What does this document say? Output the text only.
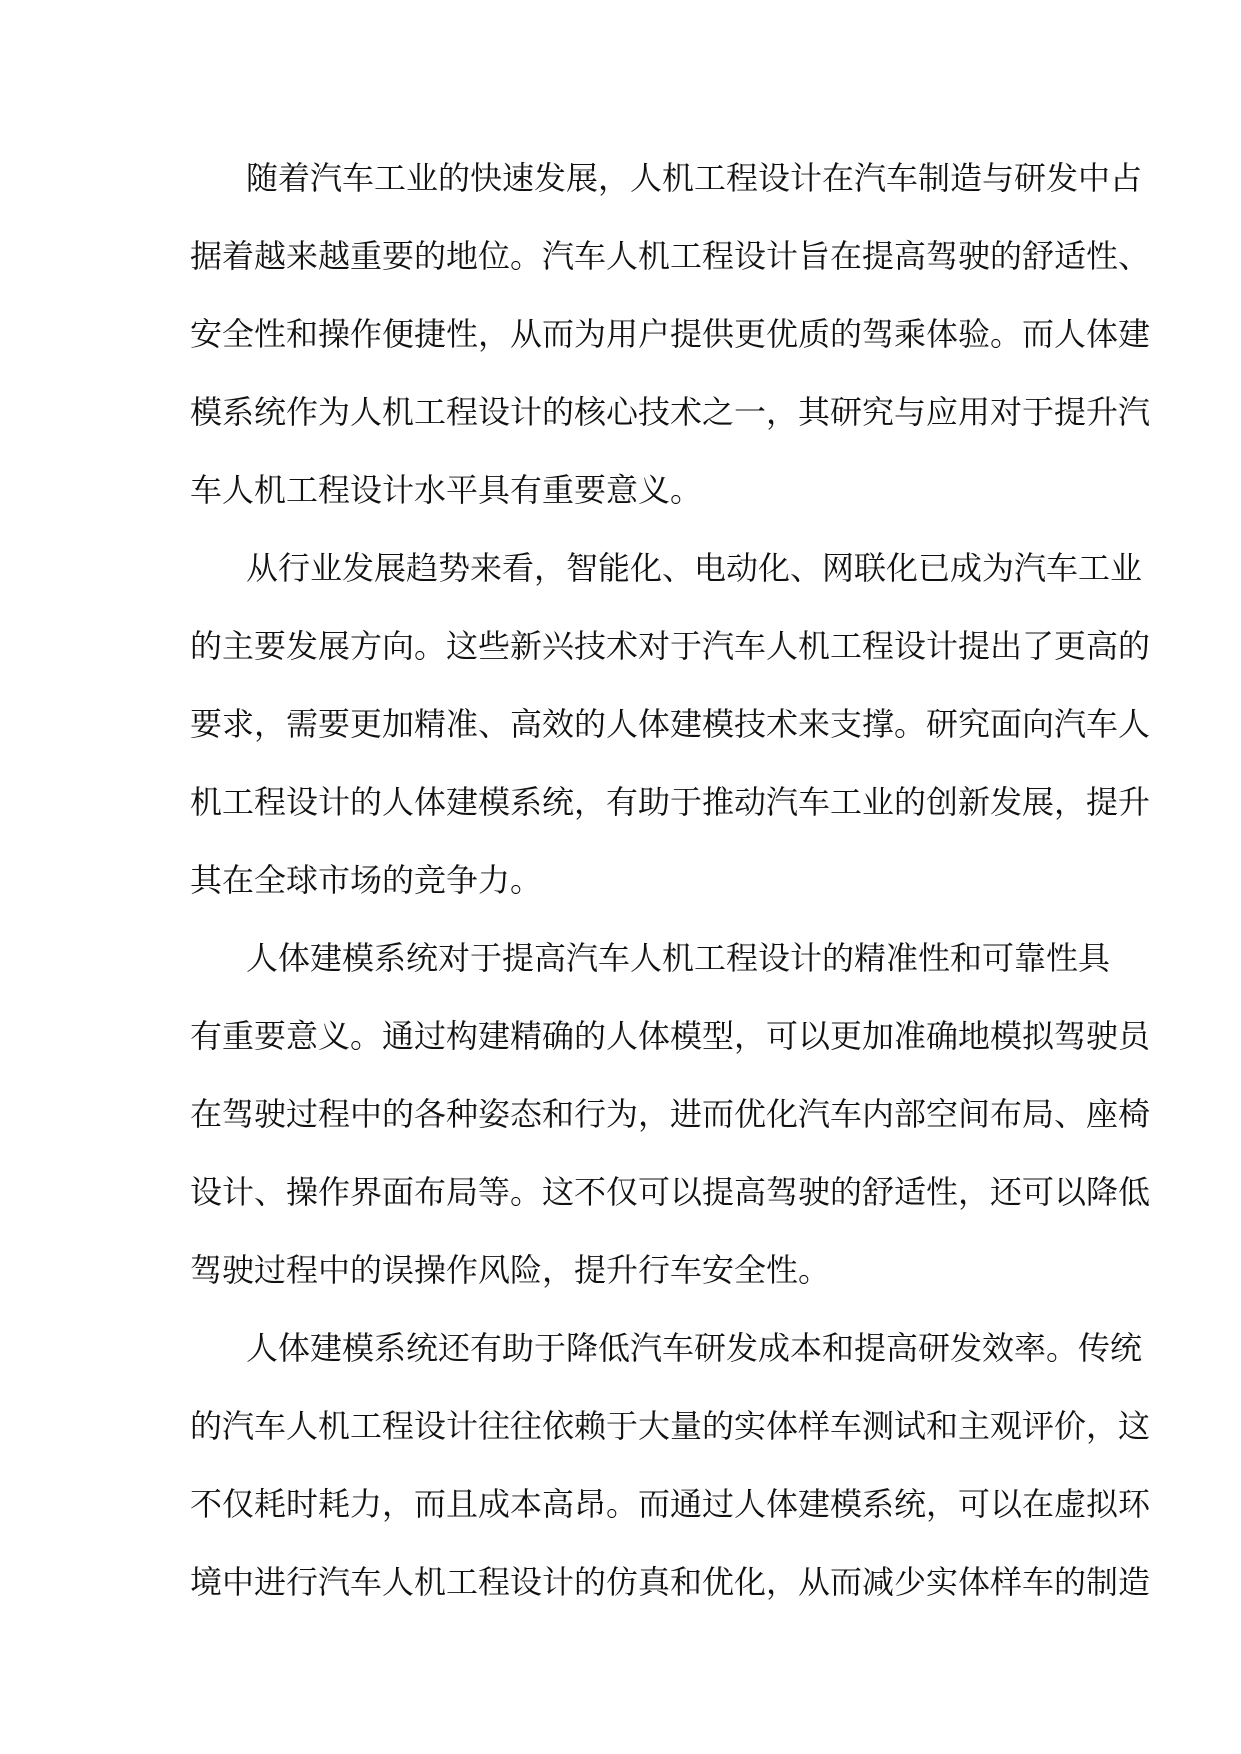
随着汽车工业的快速发展，人机工程设计在汽车制造与研发中占
据着越来越重要的地位。汽车人机工程设计旨在提高驾驶的舒适性、
安全性和操作便捷性，从而为用户提供更优质的驾乘体验。而人体建
模系统作为人机工程设计的核心技术之一，其研究与应用对于提升汽
车人机工程设计水平具有重要意义。
从行业发展趋势来看，智能化、电动化、网联化已成为汽车工业
的主要发展方向。这些新兴技术对于汽车人机工程设计提出了更高的
要求，需要更加精准、高效的人体建模技术来支撑。研究面向汽车人
机工程设计的人体建模系统，有助于推动汽车工业的创新发展，提升
其在全球市场的竞争力。
人体建模系统对于提高汽车人机工程设计的精准性和可靠性具
有重要意义。通过构建精确的人体模型，可以更加准确地模拟驾驶员
在驾驶过程中的各种姿态和行为，进而优化汽车内部空间布局、座椅
设计、操作界面布局等。这不仅可以提高驾驶的舒适性，还可以降低
驾驶过程中的误操作风险，提升行车安全性。
人体建模系统还有助于降低汽车研发成本和提高研发效率。传统
的汽车人机工程设计往往依赖于大量的实体样车测试和主观评价，这
不仅耗时耗力，而且成本高昂。而通过人体建模系统，可以在虚拟环
境中进行汽车人机工程设计的仿真和优化，从而减少实体样车的制造
